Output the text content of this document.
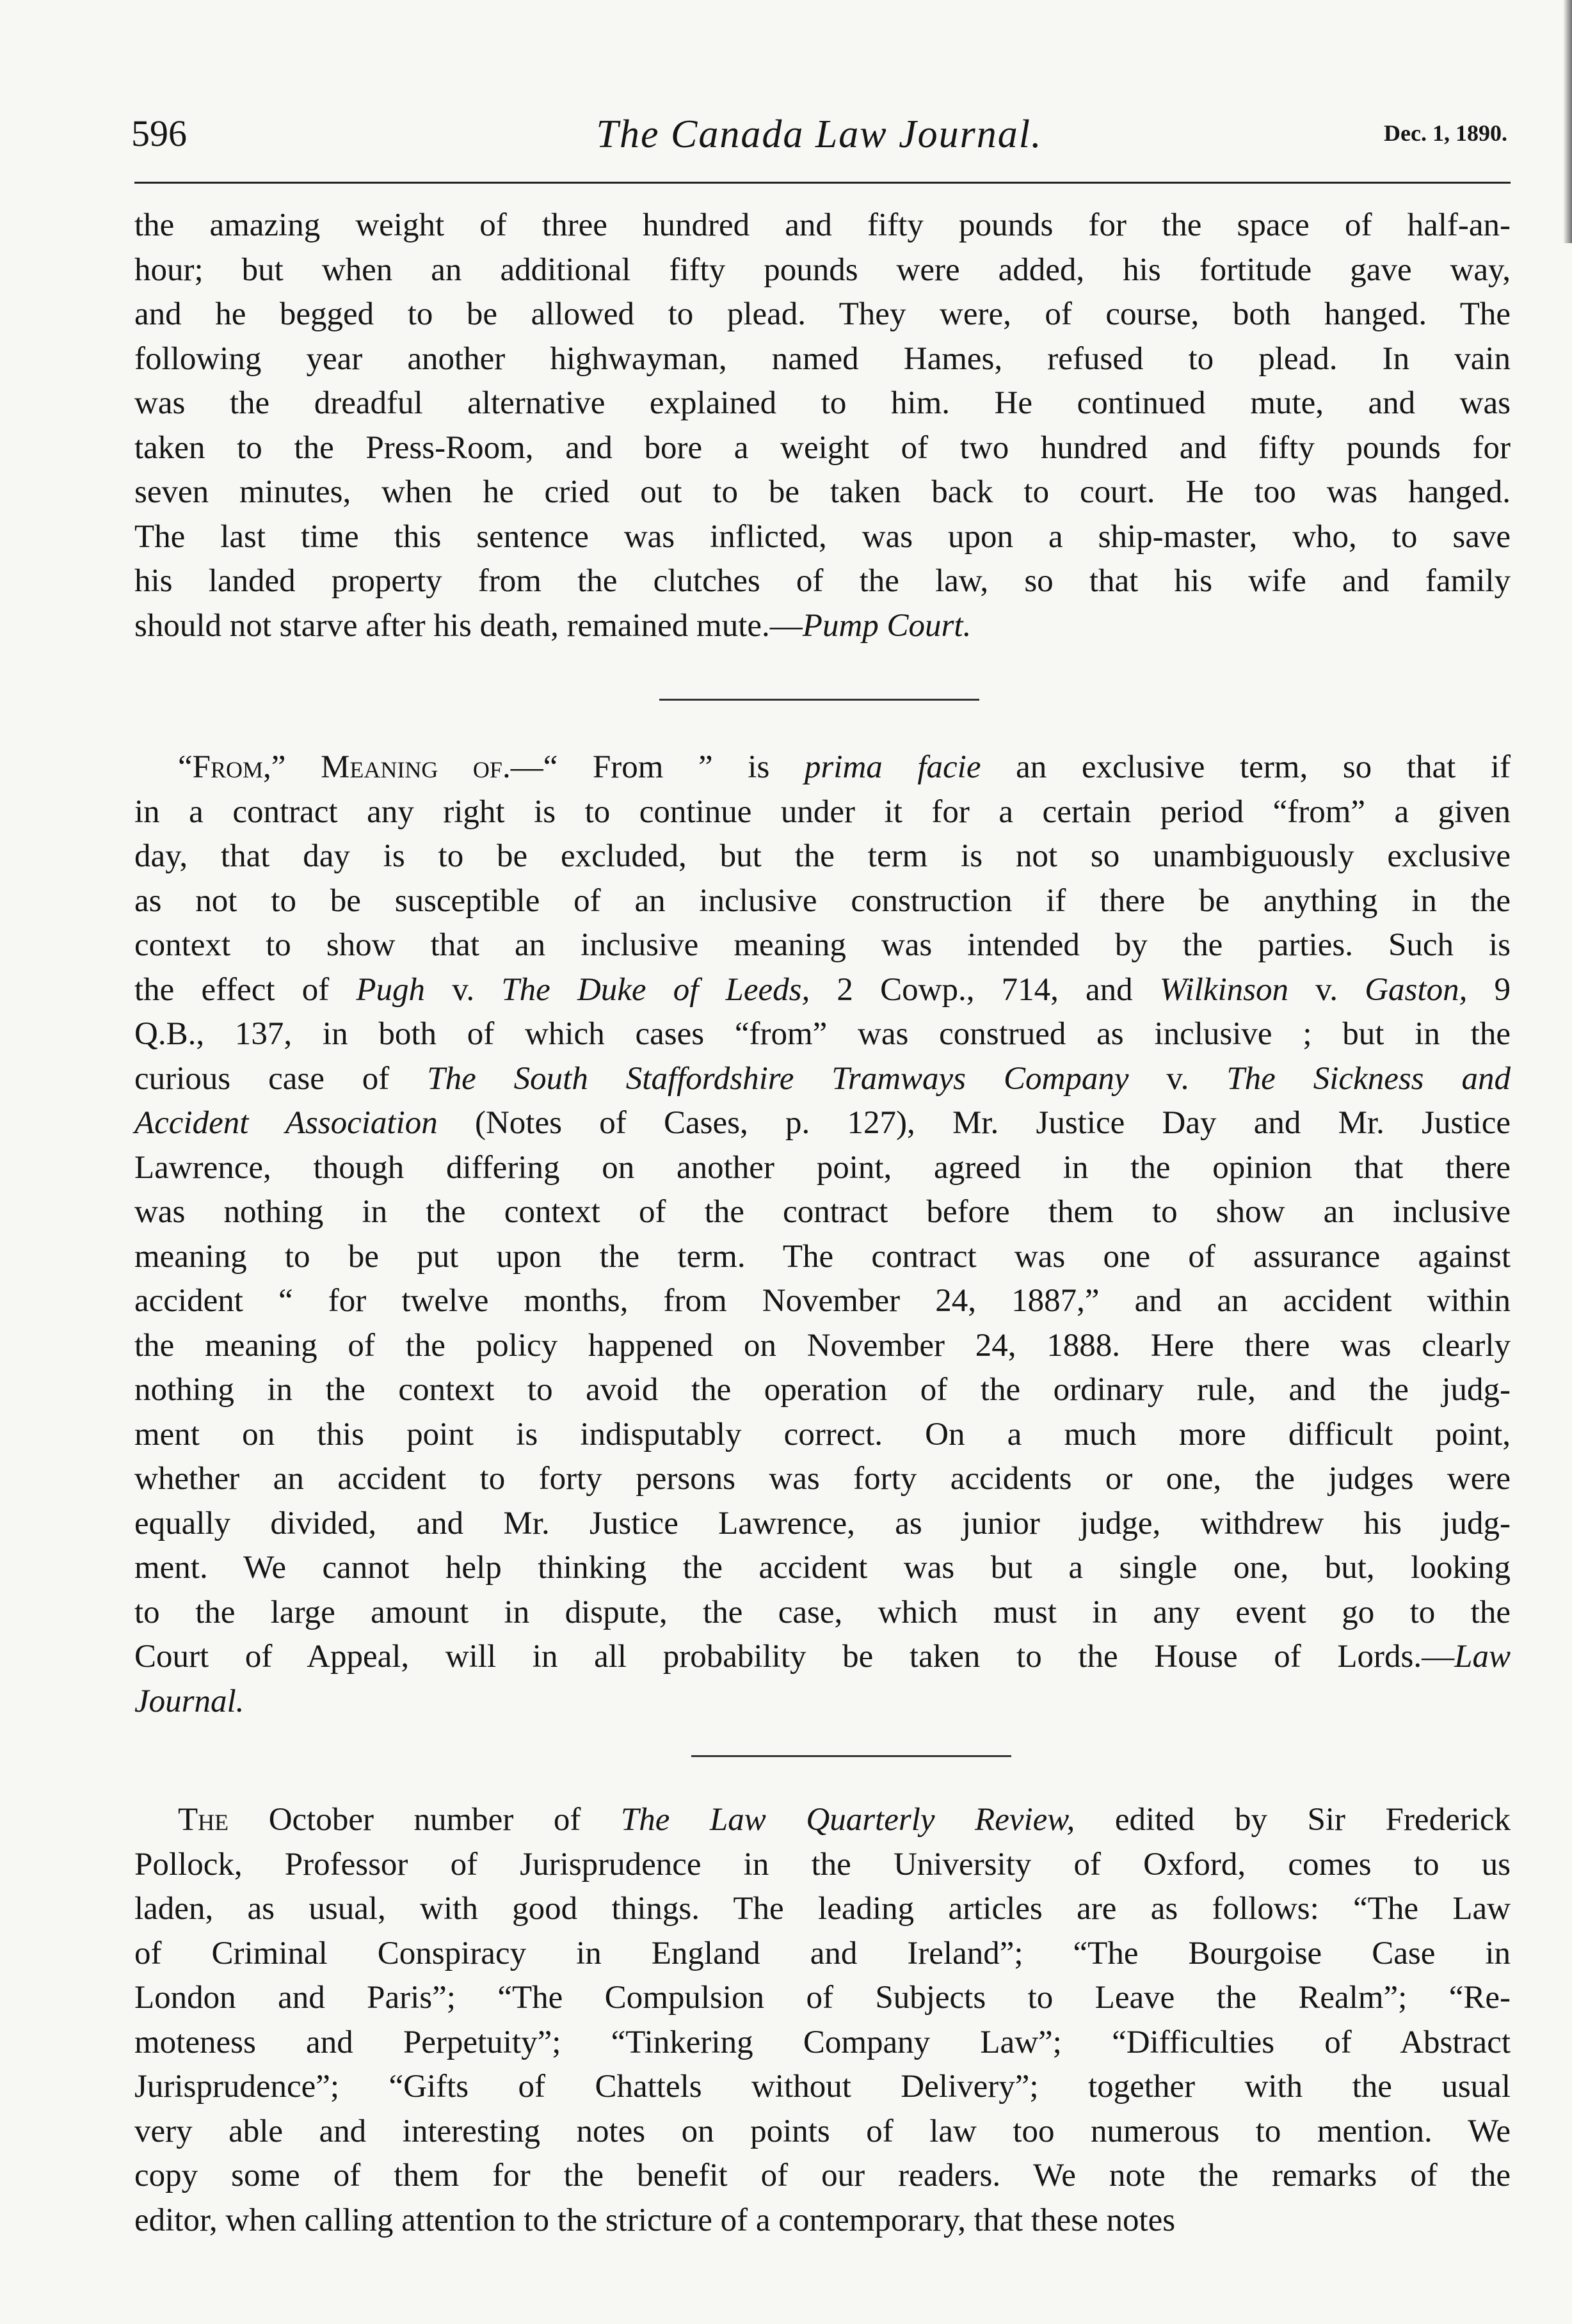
596	The Canada Law Journal.	Dec. 1, 1890.
the amazing weight of three hundred and fifty pounds for the space of half-an-
hour; but when an additional fifty pounds were added, his fortitude gave way,
and he begged to be allowed to plead. They were, of course, both hanged. The
following year another highwayman, named Hames, refused to plead. In vain
was the dreadful alternative explained to him. He continued mute, and was
taken to the Press-Room, and bore a weight of two hundred and fifty pounds for
seven minutes, when he cried out to be taken back to court. He too was hanged.
The last time this sentence was inflicted, was upon a ship-master, who, to save
his landed property from the clutches of the law, so that his wife and family
should not starve after his death, remained mute.—Pump Court.
“From,” Meaning of.—“ From ” is prima facie an exclusive term, so that if
in a contract any right is to continue under it for a certain period “from” a given
day, that day is to be excluded, but the term is not so unambiguously exclusive
as not to be susceptible of an inclusive construction if there be anything in the
context to show that an inclusive meaning was intended by the parties. Such is
the effect of Pugh v. The Duke of Leeds, 2 Cowp., 714, and Wilkinson v. Gaston, 9
Q.B., 137, in both of which cases “from” was construed as inclusive ; but in the
curious case of The South Staffordshire Tramways Company v. The Sickness and
Accident Association (Notes of Cases, p. 127), Mr. Justice Day and Mr. Justice
Lawrence, though differing on another point, agreed in the opinion that there
was nothing in the context of the contract before them to show an inclusive
meaning to be put upon the term. The contract was one of assurance against
accident “ for twelve months, from November 24, 1887,” and an accident within
the meaning of the policy happened on November 24, 1888. Here there was clearly
nothing in the context to avoid the operation of the ordinary rule, and the judg-
ment on this point is indisputably correct. On a much more difficult point,
whether an accident to forty persons was forty accidents or one, the judges were
equally divided, and Mr. Justice Lawrence, as junior judge, withdrew his judg-
ment. We cannot help thinking the accident was but a single one, but, looking
to the large amount in dispute, the case, which must in any event go to the
Court of Appeal, will in all probability be taken to the House of Lords.—Law
Journal.
The October number of The Law Quarterly Review, edited by Sir Frederick
Pollock, Professor of Jurisprudence in the University of Oxford, comes to us
laden, as usual, with good things. The leading articles are as follows: “The Law
of Criminal Conspiracy in England and Ireland”; “The Bourgoise Case in
London and Paris”; “The Compulsion of Subjects to Leave the Realm”; “Re-
moteness and Perpetuity”; “Tinkering Company Law”; “Difficulties of Abstract
Jurisprudence”; “Gifts of Chattels without Delivery”; together with the usual
very able and interesting notes on points of law too numerous to mention. We
copy some of them for the benefit of our readers. We note the remarks of the
editor, when calling attention to the stricture of a contemporary, that these notes
